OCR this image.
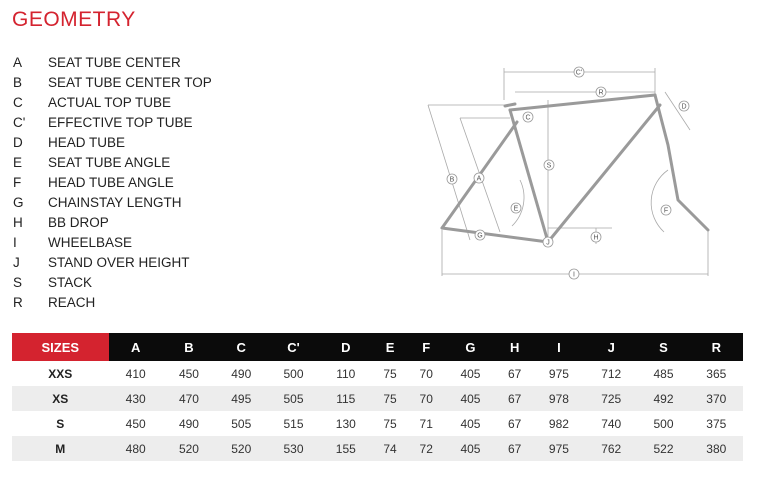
GEOMETRY
A SEAT TUBE CENTER
B SEAT TUBE CENTER TOP
C ACTUAL TOP TUBE
C' EFFECTIVE TOP TUBE
D HEAD TUBE
E SEAT TUBE ANGLE
F HEAD TUBE ANGLE
G CHAINSTAY LENGTH
H BB DROP
I WHEELBASE
J STAND OVER HEIGHT
S STACK
R REACH
C'
R
D
C
S
B	A
E	F
G	H
J
I
SIZES	A	B	C	C'	D	E	F	G	H	I	J	S	R
XXS	410	450	490	500	110	75	70	405	67	975	712	485	365
XS	430	470	495	505	115	75	70	405	67	978	725	492	370
S	450	490	505	515	130	75	71	405	67	982	740	500	375
M	480	520	520	530	155	74	72	405	67	975	762	522	380
